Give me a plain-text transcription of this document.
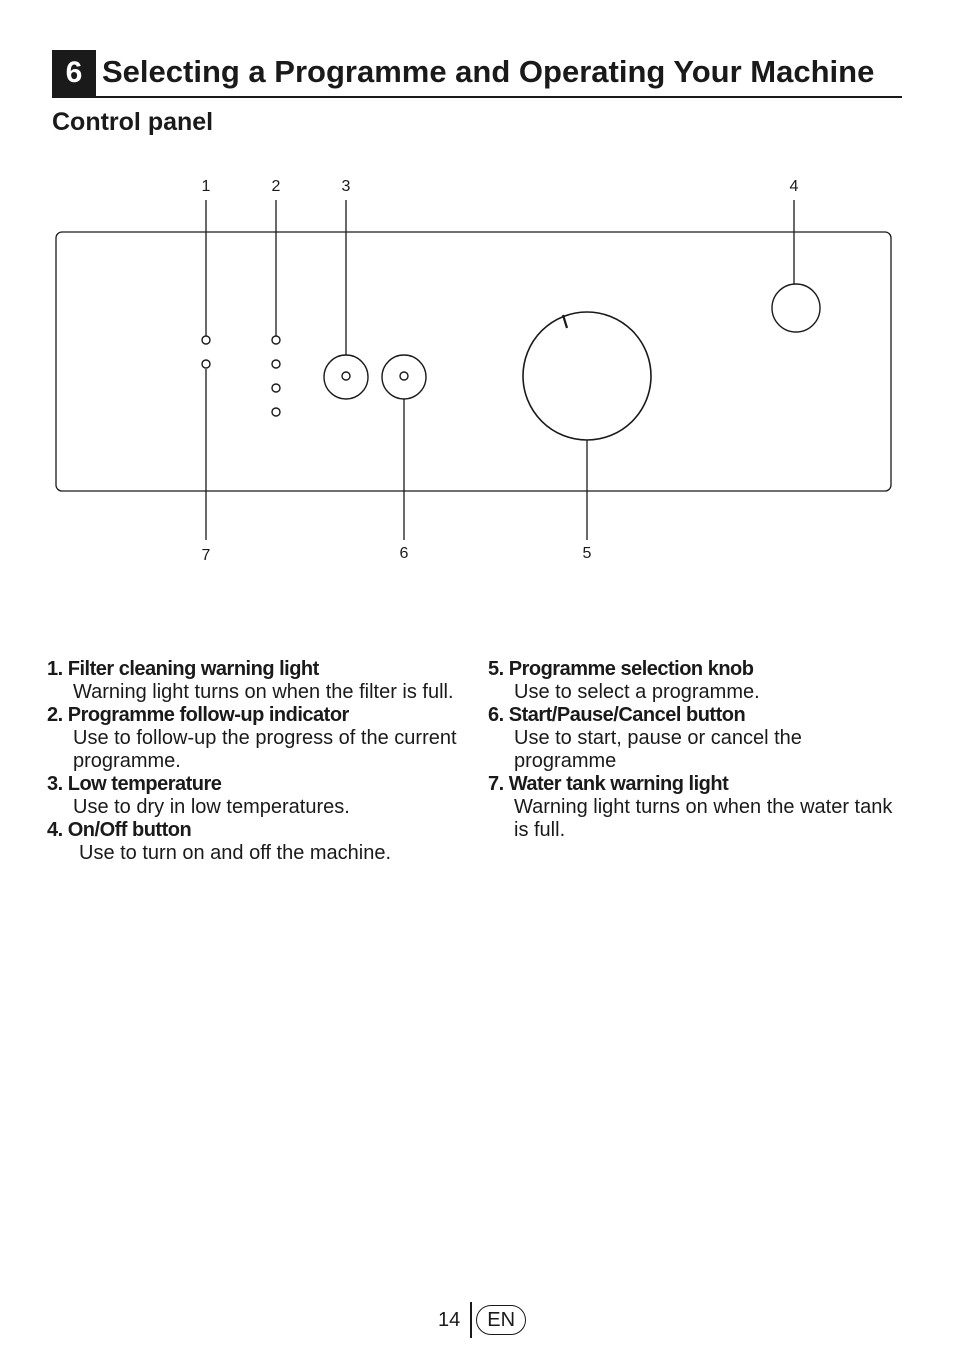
6 Selecting a Programme and Operating Your Machine
Control panel
1	2	3	4
5
6
7
1. Filter cleaning warning light
Warning light turns on when the filter is full.
2. Programme follow-up indicator
Use to follow-up the progress of the current programme.
3. Low temperature
Use to dry in low temperatures.
4. On/Off button
Use to turn on and off the machine.
5. Programme selection knob
Use to select a programme.
6. Start/Pause/Cancel button
Use to start, pause or cancel the programme
7. Water tank warning light
Warning light turns on when the water tank is full.
14	EN
